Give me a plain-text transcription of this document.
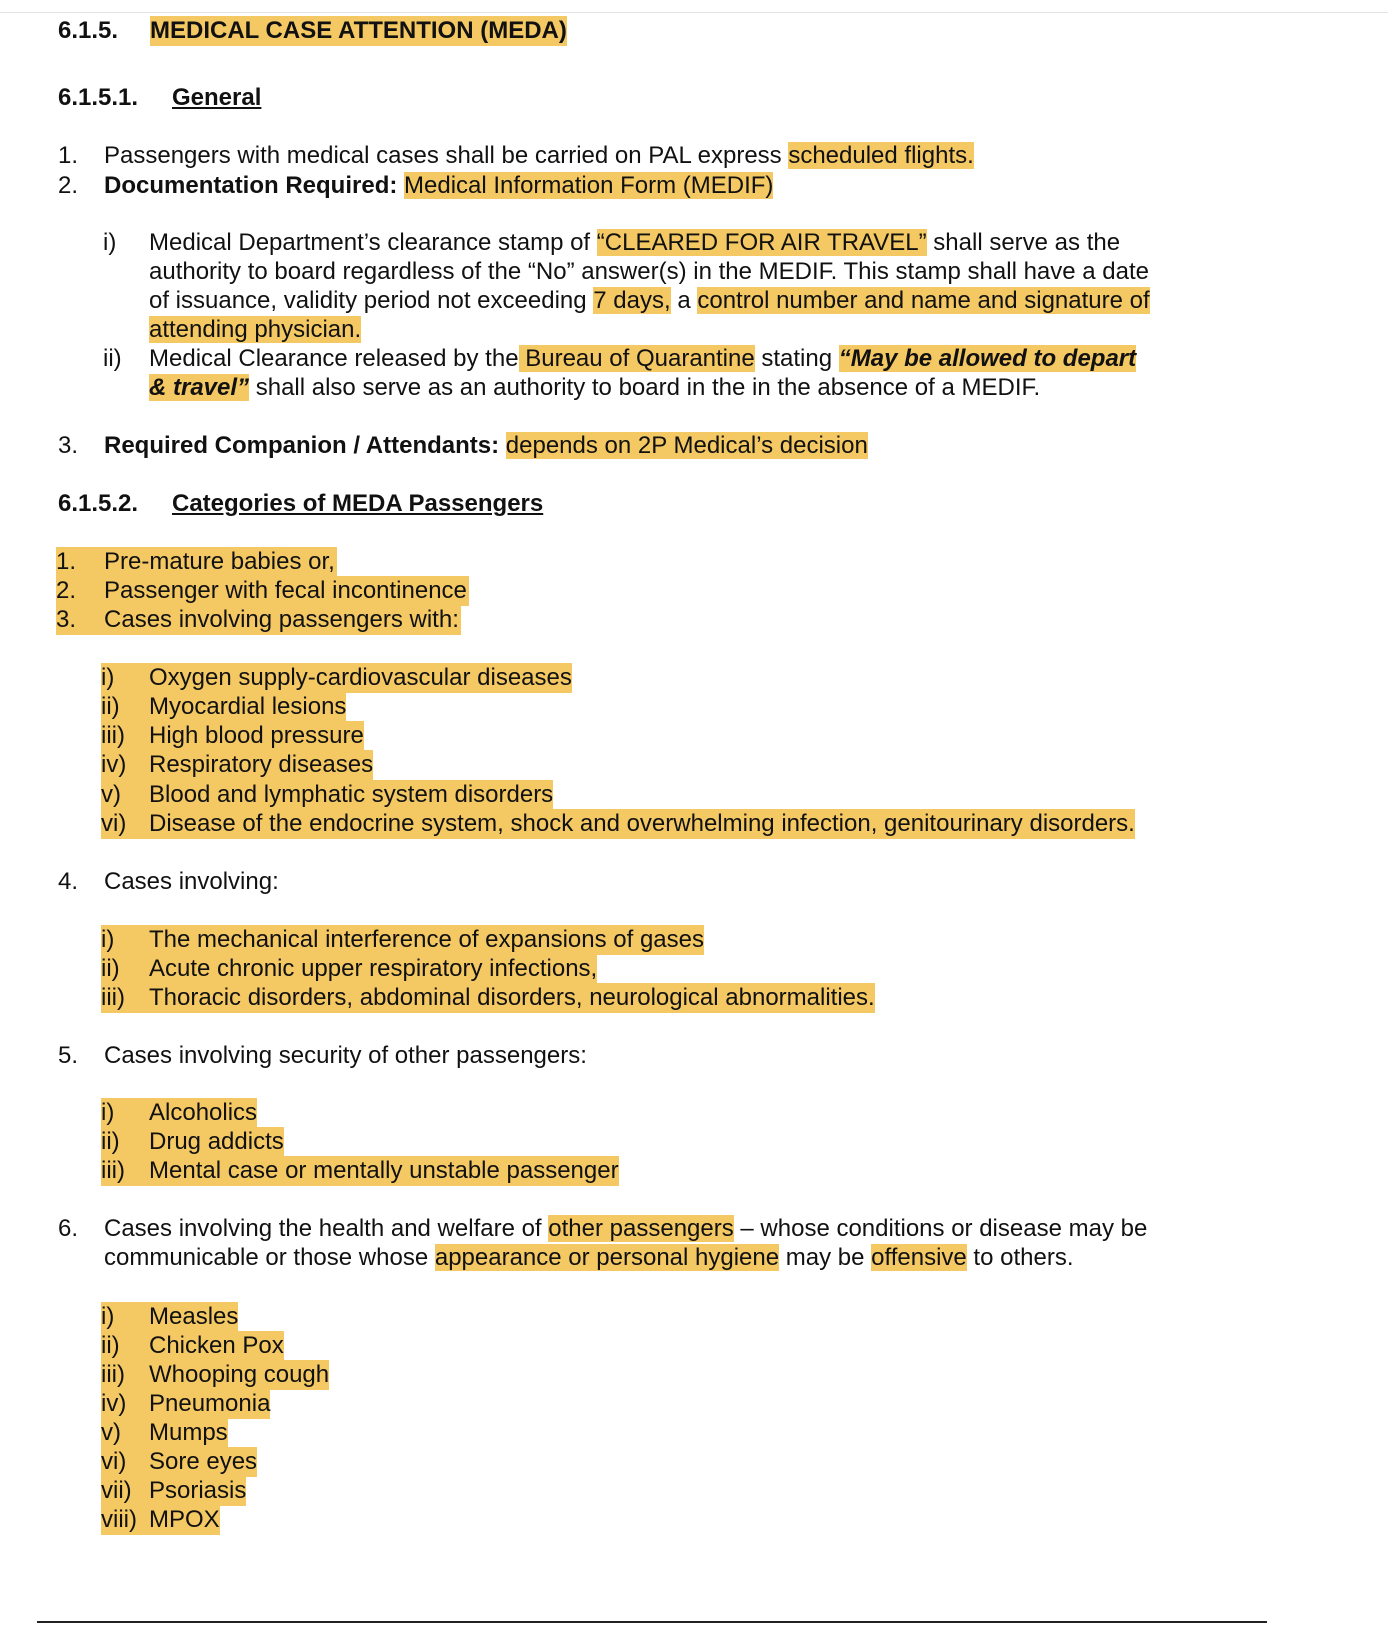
6.1.5. MEDICAL CASE ATTENTION (MEDA)
6.1.5.1. General
1. Passengers with medical cases shall be carried on PAL express scheduled flights.
2. Documentation Required: Medical Information Form (MEDIF)
i) Medical Department’s clearance stamp of “CLEARED FOR AIR TRAVEL” shall serve as the
authority to board regardless of the “No” answer(s) in the MEDIF. This stamp shall have a date
of issuance, validity period not exceeding 7 days, a control number and name and signature of
attending physician.
ii) Medical Clearance released by the Bureau of Quarantine stating “May be allowed to depart
& travel” shall also serve as an authority to board in the in the absence of a MEDIF.
3. Required Companion / Attendants: depends on 2P Medical’s decision
6.1.5.2. Categories of MEDA Passengers
1. Pre-mature babies or,
2. Passenger with fecal incontinence
3. Cases involving passengers with:
i) Oxygen supply-cardiovascular diseases
ii) Myocardial lesions
iii) High blood pressure
iv) Respiratory diseases
v) Blood and lymphatic system disorders
vi) Disease of the endocrine system, shock and overwhelming infection, genitourinary disorders.
4. Cases involving:
i) The mechanical interference of expansions of gases
ii) Acute chronic upper respiratory infections,
iii) Thoracic disorders, abdominal disorders, neurological abnormalities.
5. Cases involving security of other passengers:
i) Alcoholics
ii) Drug addicts
iii) Mental case or mentally unstable passenger
6. Cases involving the health and welfare of other passengers – whose conditions or disease may be
communicable or those whose appearance or personal hygiene may be offensive to others.
i) Measles
ii) Chicken Pox
iii) Whooping cough
iv) Pneumonia
v) Mumps
vi) Sore eyes
vii) Psoriasis
viii) MPOX
